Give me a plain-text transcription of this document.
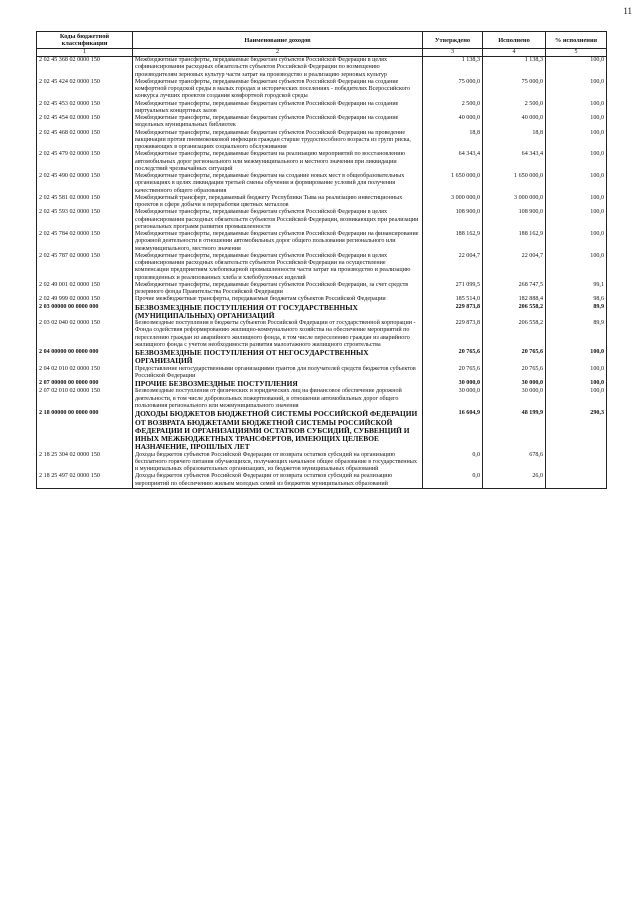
11
Коды бюджетной классификации	Наименование доходов	Утверждено	Исполнено	% исполнения
1	2	3	4	5
2 02 45 368 02 0000 150	Межбюджетные трансферты, передаваемые бюджетам субъектов Российской Федерации в целях софинансирования расходных обязательств субъектов Российской Федерации по возмещению производителям зерновых культур части затрат на производство и реализацию зерновых культур	1 138,3	1 138,3	100,0
2 02 45 424 02 0000 150	Межбюджетные трансферты, передаваемые бюджетам субъектов Российской Федерации на создание комфортной городской среды в малых городах и исторических поселениях - победителях Всероссийского конкурса лучших проектов создания комфортной городской среды	75 000,0	75 000,0	100,0
2 02 45 453 02 0000 150	Межбюджетные трансферты, передаваемые бюджетам субъектов Российской Федерации на создание виртуальных концертных залов	2 500,0	2 500,0	100,0
2 02 45 454 02 0000 150	Межбюджетные трансферты, передаваемые бюджетам субъектов Российской Федерации на создание модельных муниципальных библиотек	40 000,0	40 000,0	100,0
2 02 45 468 02 0000 150	Межбюджетные трансферты, передаваемые бюджетам субъектов Российской Федерации на проведение вакцинации против пневмококковой инфекции граждан старше трудоспособного возраста из групп риска, проживающих в организациях социального обслуживания	18,8	18,8	100,0
2 02 45 479 02 0000 150	Межбюджетные трансферты, передаваемые бюджетам на реализацию мероприятий по восстановлению автомобильных дорог регионального или межмуниципального и местного значения при ликвидации последствий чрезвычайных ситуаций	64 343,4	64 343,4	100,0
2 02 45 490 02 0000 150	Межбюджетные трансферты, передаваемые бюджетам на создание новых мест в общеобразовательных организациях в целях ликвидации третьей смены обучения и формирование условий для получения качественного общего образования	1 650 000,0	1 650 000,0	100,0
2 02 45 581 02 0000 150	Межбюджетный трансферт, передаваемый бюджету Республики Тыва на реализацию инвестиционных проектов в сфере добычи и переработки цветных металлов	3 000 000,0	3 000 000,0	100,0
2 02 45 593 02 0000 150	Межбюджетные трансферты, передаваемые бюджетам субъектов Российской Федерации в целях софинансирования расходных обязательств субъектов Российской Федерации, возникающих при реализации региональных программ развития промышленности	108 900,0	108 900,0	100,0
2 02 45 784 02 0000 150	Межбюджетные трансферты, передаваемые бюджетам субъектов Российской Федерации на финансирование дорожной деятельности в отношении автомобильных дорог общего пользования регионального или межмуниципального, местного значения	188 162,9	188 162,9	100,0
2 02 45 787 02 0000 150	Межбюджетные трансферты, передаваемые бюджетам субъектов Российской Федерации в целях софинансирования расходных обязательств субъектов Российской Федерации на осуществление компенсации предприятиям хлебопекарной промышленности части затрат на производство и реализацию произведенных и реализованных хлеба и хлебобулочных изделий	22 004,7	22 004,7	100,0
2 02 49 001 02 0000 150	Межбюджетные трансферты, передаваемые бюджетам субъектов Российской Федерации, за счет средств резервного фонда Правительства Российской Федерации	271 099,5	268 747,5	99,1
2 02 49 999 02 0000 150	Прочие межбюджетные трансферты, передаваемые бюджетам субъектов Российской Федерации	185 514,0	182 888,4	98,6
2 03 00000 00 0000 000	БЕЗВОЗМЕЗДНЫЕ ПОСТУПЛЕНИЯ ОТ ГОСУДАРСТВЕННЫХ (МУНИЦИПАЛЬНЫХ) ОРГАНИЗАЦИЙ	229 873,8	206 558,2	89,9
2 03 02 040 02 0000 150	Безвозмездные поступления в бюджеты субъектов Российской Федерации от государственной корпорации - Фонда содействия реформированию жилищно-коммунального хозяйства на обеспечение мероприятий по переселению граждан из аварийного жилищного фонда, в том числе переселению граждан из аварийного жилищного фонда с учетом необходимости развития малоэтажного жилищного строительства	229 873,8	206 558,2	89,9
2 04 00000 00 0000 000	БЕЗВОЗМЕЗДНЫЕ ПОСТУПЛЕНИЯ ОТ НЕГОСУДАРСТВЕННЫХ ОРГАНИЗАЦИЙ	20 765,6	20 765,6	100,0
2 04 02 010 02 0000 150	Предоставление негосударственными организациями грантов для получателей средств бюджетов субъектов Российской Федерации	20 765,6	20 765,6	100,0
2 07 00000 00 0000 000	ПРОЧИЕ БЕЗВОЗМЕЗДНЫЕ ПОСТУПЛЕНИЯ	30 000,0	30 000,0	100,0
2 07 02 010 02 0000 150	Безвозмездные поступления от физических и юридических лиц на финансовое обеспечение дорожной деятельности, в том числе добровольных пожертвований, в отношении автомобильных дорог общего пользования регионального или межмуниципального значения	30 000,0	30 000,0	100,0
2 18 00000 00 0000 000	ДОХОДЫ БЮДЖЕТОВ БЮДЖЕТНОЙ СИСТЕМЫ РОССИЙСКОЙ ФЕДЕРАЦИИ ОТ ВОЗВРАТА БЮДЖЕТАМИ БЮДЖЕТНОЙ СИСТЕМЫ РОССИЙСКОЙ ФЕДЕРАЦИИ И ОРГАНИЗАЦИЯМИ ОСТАТКОВ СУБСИДИЙ, СУБВЕНЦИЙ И ИНЫХ МЕЖБЮДЖЕТНЫХ ТРАНСФЕРТОВ, ИМЕЮЩИХ ЦЕЛЕВОЕ НАЗНАЧЕНИЕ, ПРОШЛЫХ ЛЕТ	16 604,9	48 199,9	290,3
2 18 25 304 02 0000 150	Доходы бюджетов субъектов Российской Федерации от возврата остатков субсидий на организацию бесплатного горячего питания обучающихся, получающих начальное общее образование в государственных и муниципальных образовательных организациях, из бюджетов муниципальных образований	0,0	678,6	
2 18 25 497 02 0000 150	Доходы бюджетов субъектов Российской Федерации от возврата остатков субсидий на реализацию мероприятий по обеспечению жильем молодых семей из бюджетов муниципальных образований	0,0	26,0	
